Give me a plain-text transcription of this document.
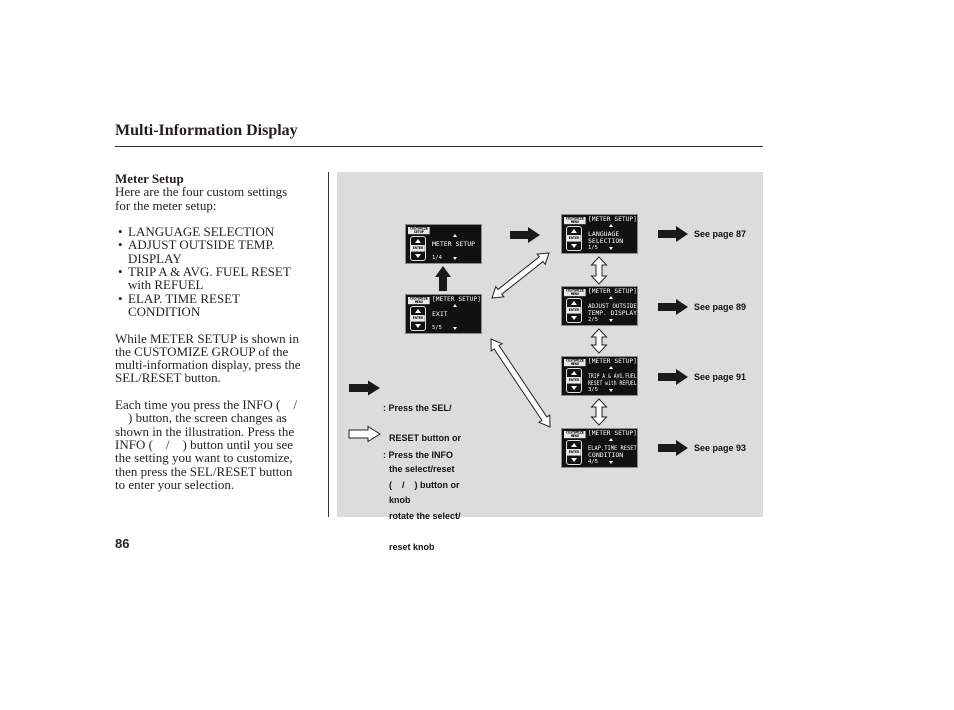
Multi-Information Display
Meter Setup
Here are the four custom settings
for the meter setup:
• LANGUAGE SELECTION
• ADJUST OUTSIDE TEMP.
DISPLAY
• TRIP A & AVG. FUEL RESET
with REFUEL
• ELAP. TIME RESET
CONDITION
While METER SETUP is shown in
the CUSTOMIZE GROUP of the
multi-information display, press the
SEL/RESET button.
Each time you press the INFO (    /
) button, the screen changes as
shown in the illustration. Press the
INFO (    /    ) button until you see
the setting you want to customize,
then press the SEL/RESET button
to enter your selection.
CUSTOMIZE
SETUP
ENTER
METER SETUP
1/4
CUSTOMIZE
MENU
ENTER
[METER SETUP]
EXIT
5/5
CUSTOMIZE
MENU
ENTER
[METER SETUP]
LANGUAGE
SELECTION
1/5
CUSTOMIZE
MENU
ENTER
[METER SETUP]
ADJUST OUTSIDE
TEMP. DISPLAY
2/5
CUSTOMIZE
MENU
ENTER
[METER SETUP]
TRIP A & AVG.FUEL
RESET with REFUEL
3/5
CUSTOMIZE
MENU
ENTER
[METER SETUP]
ELAP.TIME RESET
CONDITION
4/5
See page 87
See page 89
See page 91
See page 93

: Press the SEL/

RESET button or

the select/reset

knob

: Press the INFO

(    /    ) button or

rotate the select/

reset knob

86
